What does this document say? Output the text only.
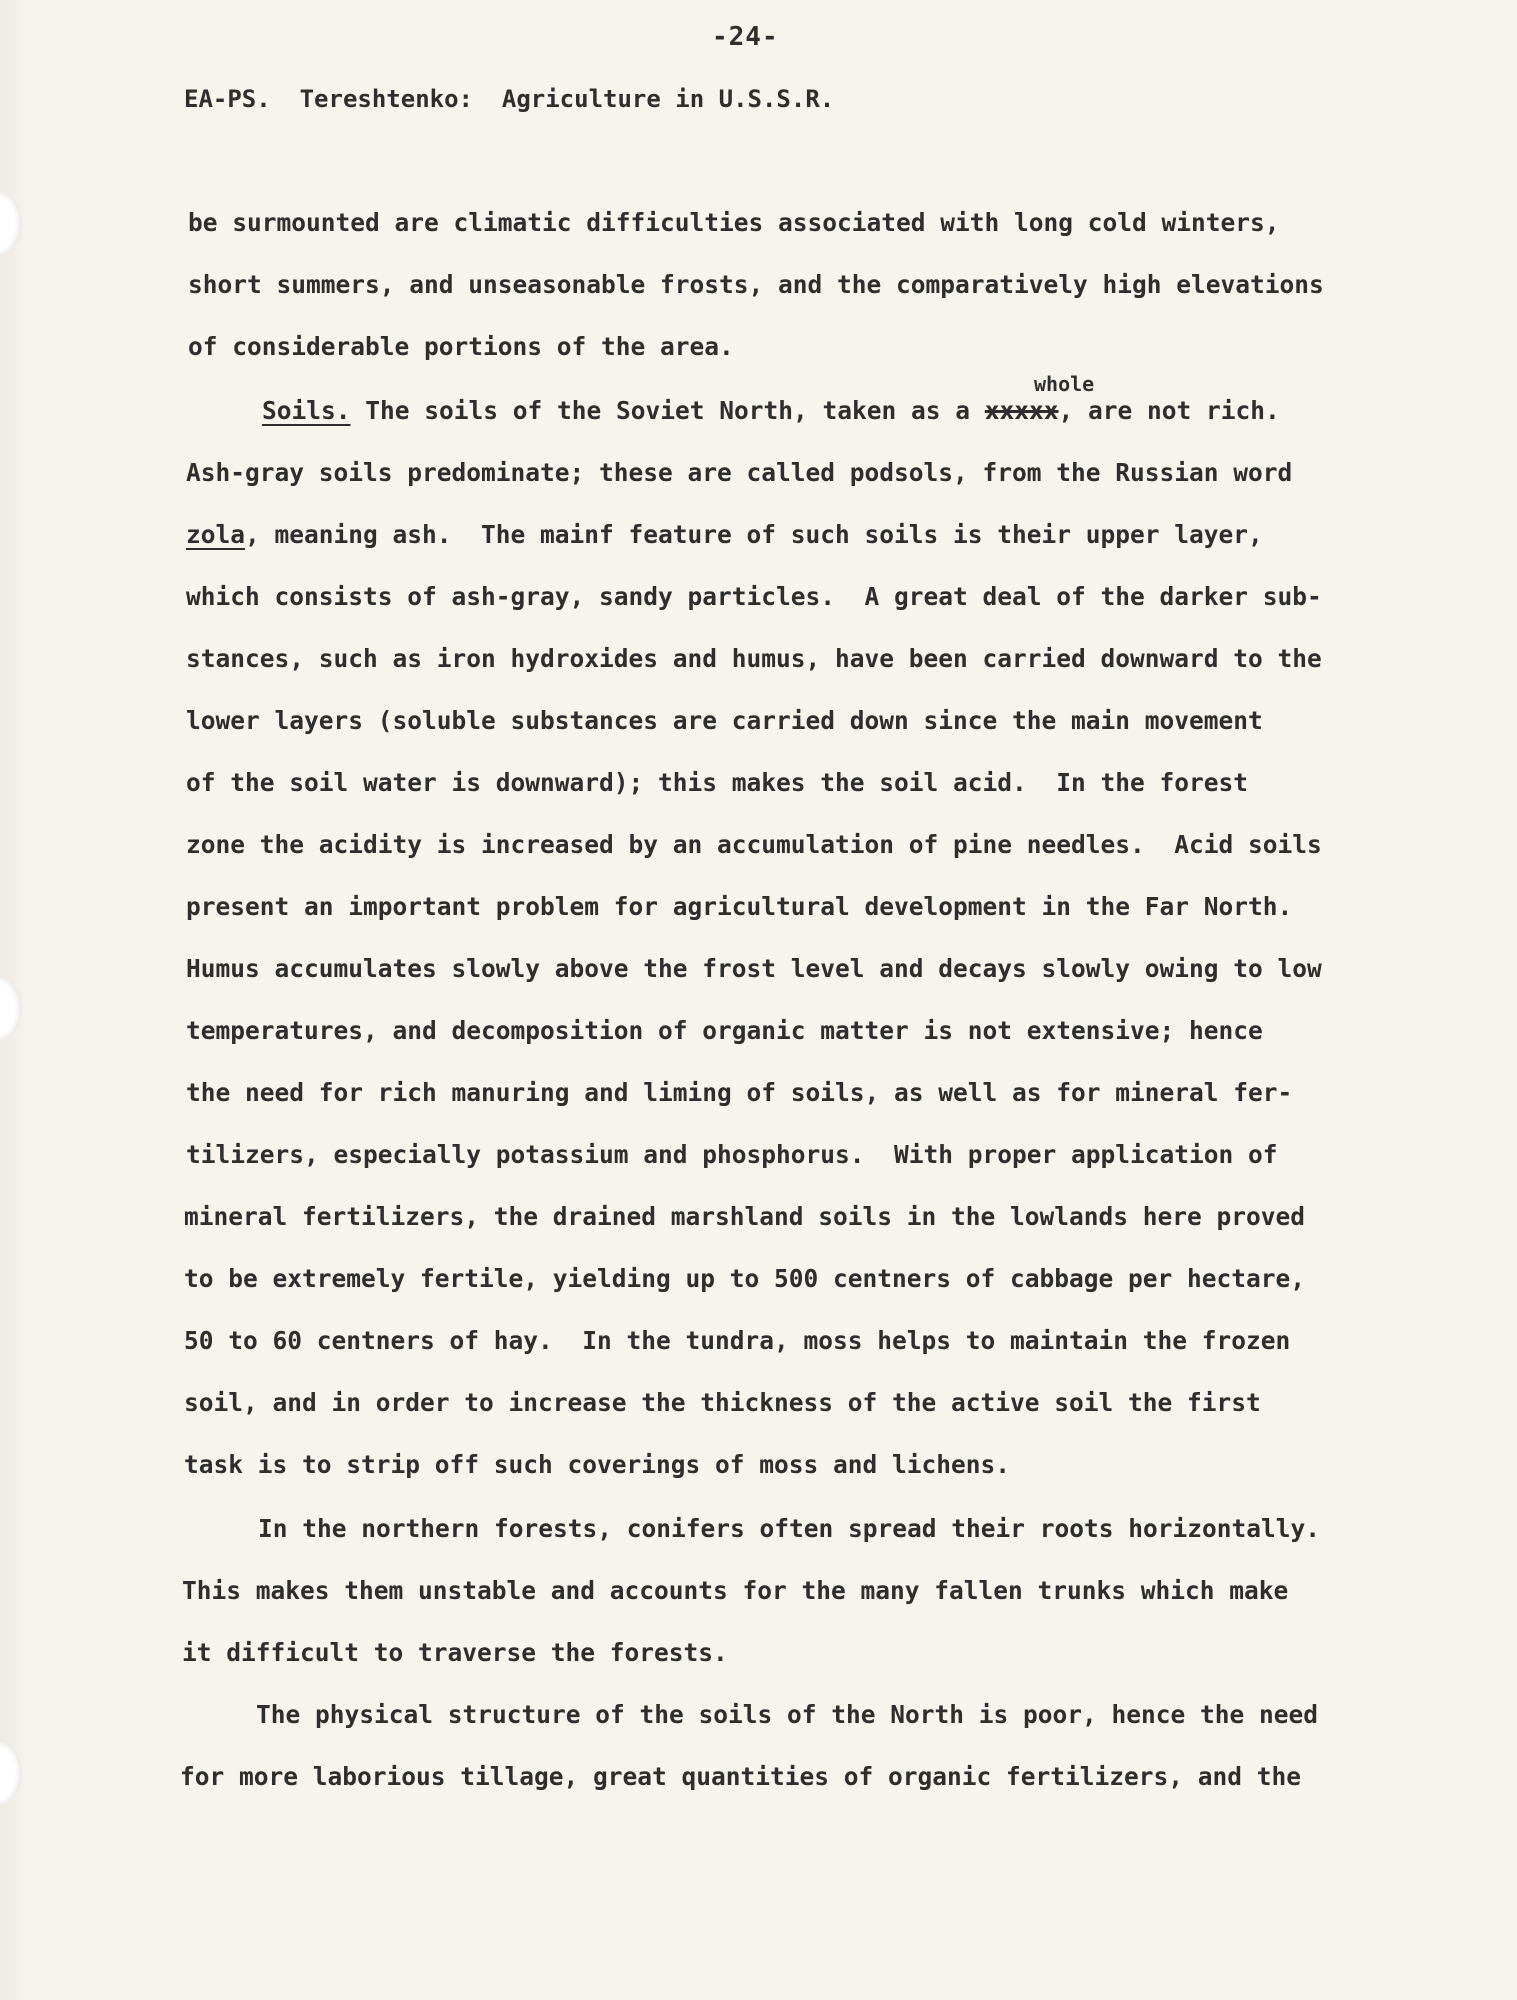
-24-
EA-PS.  Tereshtenko:  Agriculture in U.S.S.R.
be surmounted are climatic difficulties associated with long cold winters,
short summers, and unseasonable frosts, and the comparatively high elevations
of considerable portions of the area.
Soils. The soils of the Soviet North, taken as a xxxxx, are not rich.
whole
Ash-gray soils predominate; these are called podsols, from the Russian word
zola, meaning ash.  The mainf feature of such soils is their upper layer,
which consists of ash-gray, sandy particles.  A great deal of the darker sub-
stances, such as iron hydroxides and humus, have been carried downward to the
lower layers (soluble substances are carried down since the main movement
of the soil water is downward); this makes the soil acid.  In the forest
zone the acidity is increased by an accumulation of pine needles.  Acid soils
present an important problem for agricultural development in the Far North.
Humus accumulates slowly above the frost level and decays slowly owing to low
temperatures, and decomposition of organic matter is not extensive; hence
the need for rich manuring and liming of soils, as well as for mineral fer-
tilizers, especially potassium and phosphorus.  With proper application of
mineral fertilizers, the drained marshland soils in the lowlands here proved
to be extremely fertile, yielding up to 500 centners of cabbage per hectare,
50 to 60 centners of hay.  In the tundra, moss helps to maintain the frozen
soil, and in order to increase the thickness of the active soil the first
task is to strip off such coverings of moss and lichens.
In the northern forests, conifers often spread their roots horizontally.
This makes them unstable and accounts for the many fallen trunks which make
it difficult to traverse the forests.
The physical structure of the soils of the North is poor, hence the need
for more laborious tillage, great quantities of organic fertilizers, and the
